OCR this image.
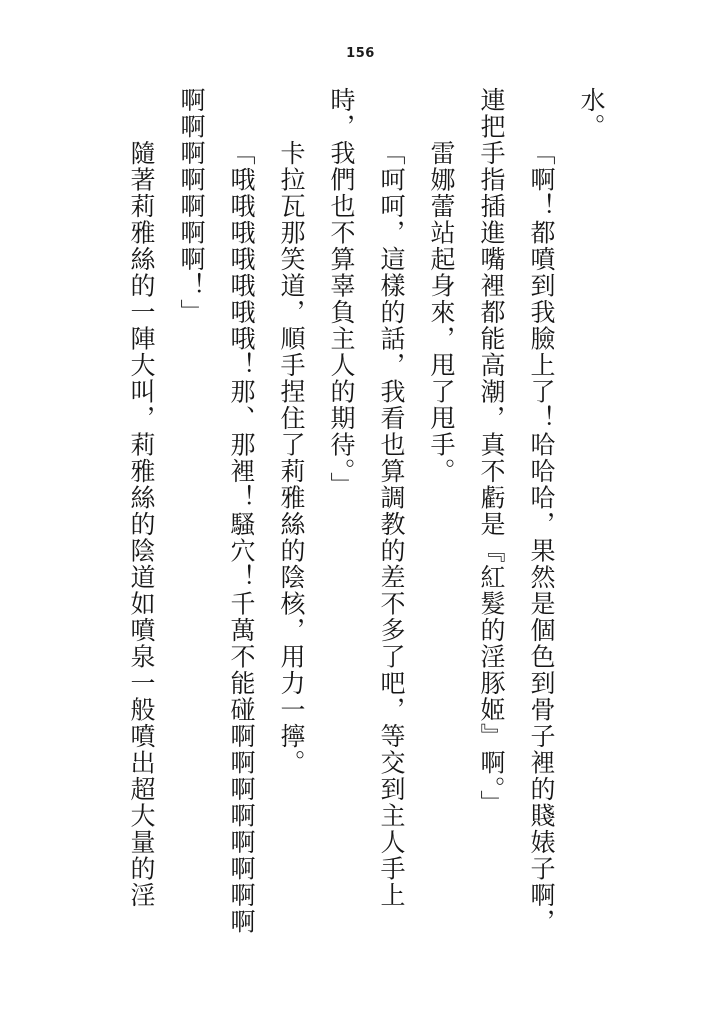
156

水。

「啊！都噴到我臉上了！哈哈哈，果然是個色到骨子裡的賤婊子啊，連把手指插進嘴裡都能高潮，真不虧是『紅髮的淫豚姬』啊。」

雷娜蕾站起身來，甩了甩手。

「呵呵，這樣的話，我看也算調教的差不多了吧，等交到主人手上時，我們也不算辜負主人的期待。」

卡拉瓦那笑道，順手捏住了莉雅絲的陰核，用力一擰。

「哦哦哦哦哦哦哦！那、那裡！騷穴！千萬不能碰啊啊啊啊啊啊啊啊啊啊啊啊啊啊啊！」

隨著莉雅絲的一陣大叫，莉雅絲的陰道如噴泉一般噴出超大量的淫
